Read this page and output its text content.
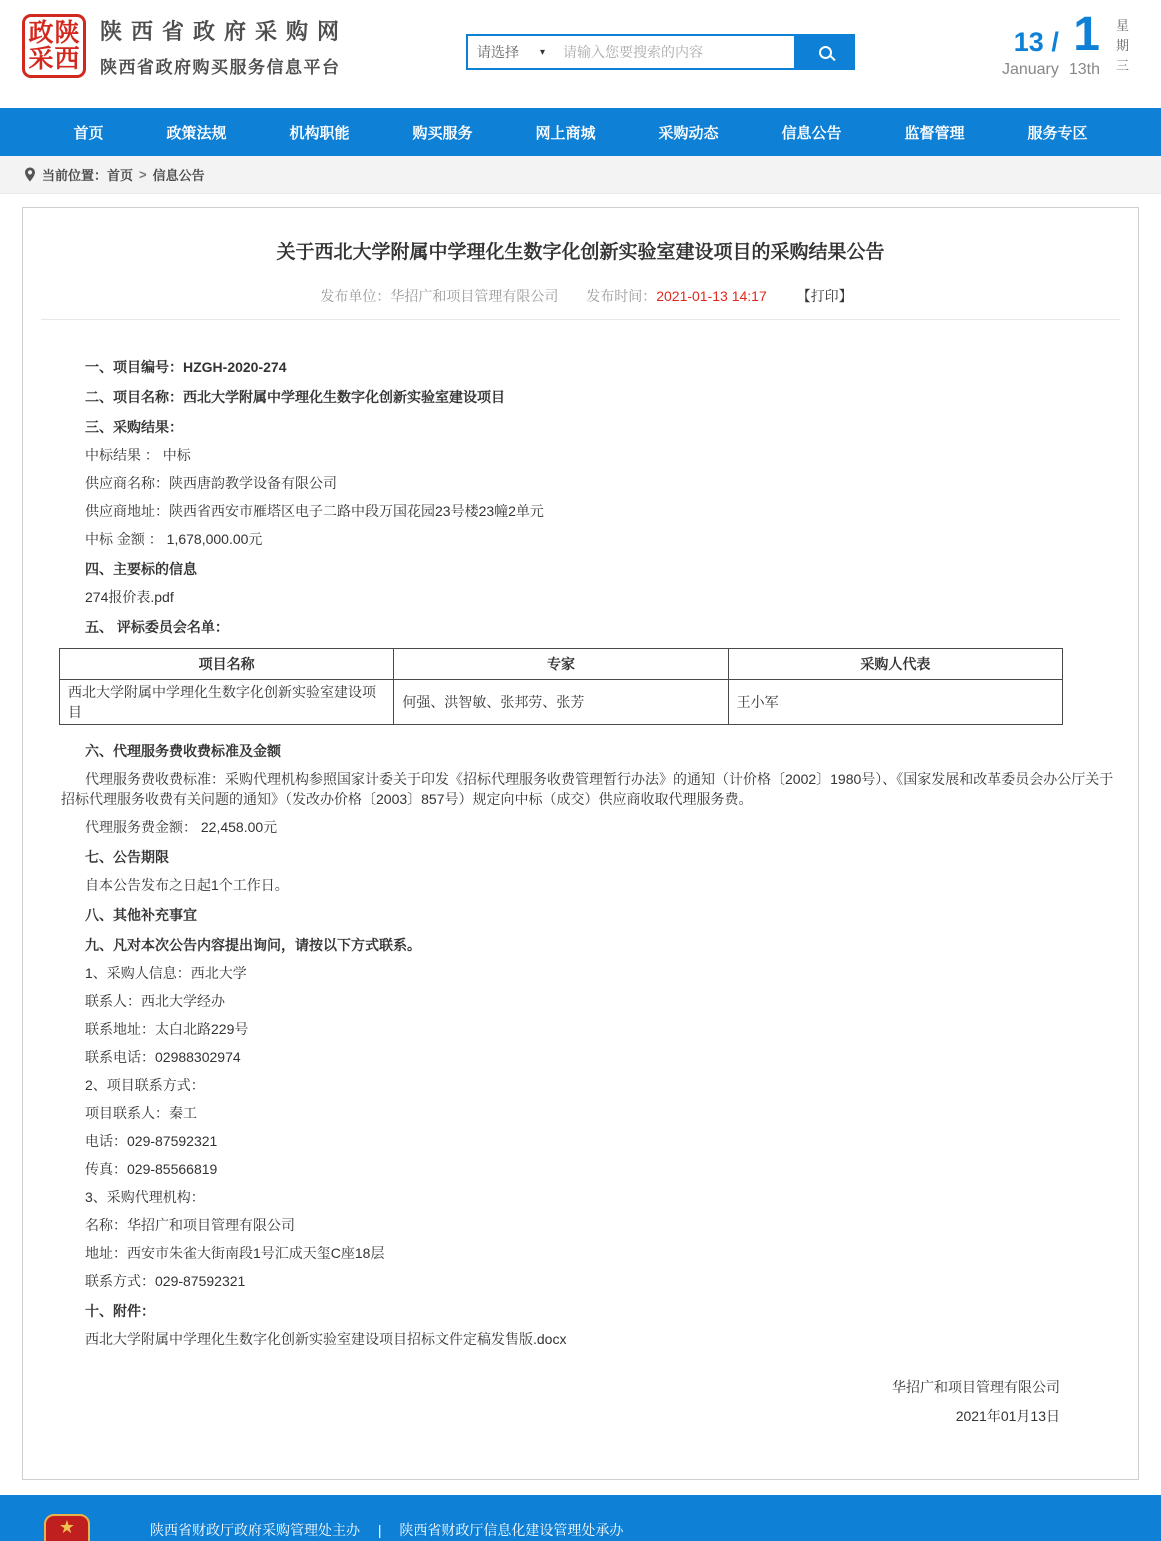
政 陕
采 西
陕西省政府采购网
陕西省政府购买服务信息平台
请选择 ▾
请输入您要搜索的内容	13 /
January
1
13th
星期三
首页	政策法规	机构职能	购买服务	网上商城	采购动态	信息公告	监督管理	服务专区
当前位置： 首页 > 信息公告
关于西北大学附属中学理化生数字化创新实验室建设项目的采购结果公告
发布单位：华招广和项目管理有限公司 发布时间：2021-01-13 14:17 【打印】

一、项目编号：HZGH-2020-274

二、项目名称：西北大学附属中学理化生数字化创新实验室建设项目

三、采购结果：

中标结果 ： 中标

供应商名称：陕西唐韵教学设备有限公司

供应商地址：陕西省西安市雁塔区电子二路中段万国花园23号楼23幢2单元

中标 金额 ： 1,678,000.00元

四、主要标的信息

274报价表.pdf

五、 评标委员会名单：

项目名称	专家	采购人代表
西北大学附属中学理化生数字化创新实验室建设项目	何强、洪智敏、张邦劳、张芳	王小军

六、代理服务费收费标准及金额

代理服务费收费标准：采购代理机构参照国家计委关于印发《招标代理服务收费管理暂行办法》的通知（计价格〔2002〕1980号）、《国家发展和改革委员会办公厅关于招标代理服务收费有关问题的通知》（发改办价格〔2003〕857号）规定向中标（成交）供应商收取代理服务费。

代理服务费金额： 22,458.00元

七、公告期限

自本公告发布之日起1个工作日。

八、其他补充事宜

九、凡对本次公告内容提出询问，请按以下方式联系。

1、采购人信息：西北大学

联系人：西北大学经办

联系地址：太白北路229号

联系电话：02988302974

2、项目联系方式：

项目联系人：秦工

电话：029-87592321

传真：029-85566819

3、采购代理机构：

名称：华招广和项目管理有限公司

地址：西安市朱雀大街南段1号汇成天玺C座18层

联系方式：029-87592321

十、附件：

西北大学附属中学理化生数字化创新实验室建设项目招标文件定稿发售版.docx

华招广和项目管理有限公司

2021年01月13日

★	陕西省财政厅政府采购管理处主办 | 陕西省财政厅信息化建设管理处承办
